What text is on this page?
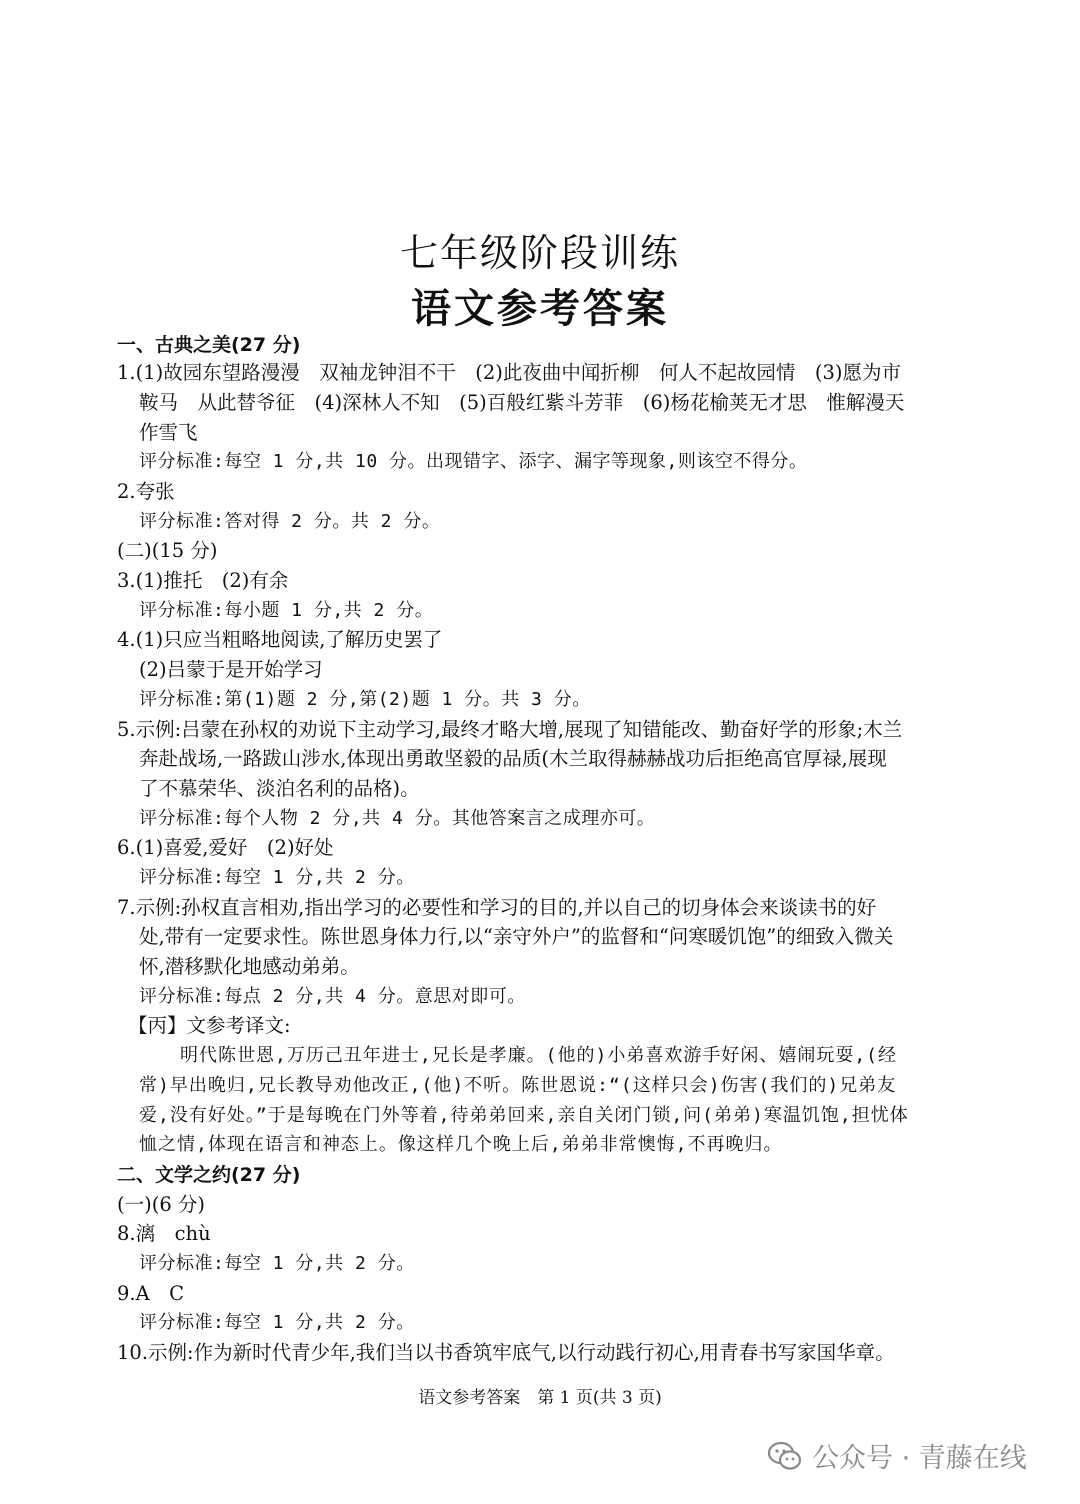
七年级阶段训练
语文参考答案
一、古典之美(27 分)
1.(1)故园东望路漫漫　双袖龙钟泪不干　(2)此夜曲中闻折柳　何人不起故园情　(3)愿为市
鞍马　从此替爷征　(4)深林人不知　(5)百般红紫斗芳菲　(6)杨花榆荚无才思　惟解漫天
作雪飞
评分标准:每空 1 分,共 10 分。出现错字、添字、漏字等现象,则该空不得分。
2.夸张
评分标准:答对得 2 分。共 2 分。
(二)(15 分)
3.(1)推托　(2)有余
评分标准:每小题 1 分,共 2 分。
4.(1)只应当粗略地阅读,了解历史罢了
(2)吕蒙于是开始学习
评分标准:第(1)题 2 分,第(2)题 1 分。共 3 分。
5.示例:吕蒙在孙权的劝说下主动学习,最终才略大增,展现了知错能改、勤奋好学的形象;木兰
奔赴战场,一路跋山涉水,体现出勇敢坚毅的品质(木兰取得赫赫战功后拒绝高官厚禄,展现
了不慕荣华、淡泊名利的品格)。
评分标准:每个人物 2 分,共 4 分。其他答案言之成理亦可。
6.(1)喜爱,爱好　(2)好处
评分标准:每空 1 分,共 2 分。
7.示例:孙权直言相劝,指出学习的必要性和学习的目的,并以自己的切身体会来谈读书的好
处,带有一定要求性。陈世恩身体力行,以“亲守外户”的监督和“问寒暖饥饱”的细致入微关
怀,潜移默化地感动弟弟。
评分标准:每点 2 分,共 4 分。意思对即可。
【丙】文参考译文:
明代陈世恩,万历己丑年进士,兄长是孝廉。(他的)小弟喜欢游手好闲、嬉闹玩耍,(经
常)早出晚归,兄长教导劝他改正,(他)不听。陈世恩说:“(这样只会)伤害(我们的)兄弟友
爱,没有好处。”于是每晚在门外等着,待弟弟回来,亲自关闭门锁,问(弟弟)寒温饥饱,担忧体
恤之情,体现在语言和神态上。像这样几个晚上后,弟弟非常懊悔,不再晚归。
二、文学之约(27 分)
(一)(6 分)
8.漓　chù
评分标准:每空 1 分,共 2 分。
9.A　C
评分标准:每空 1 分,共 2 分。
10.示例:作为新时代青少年,我们当以书香筑牢底气,以行动践行初心,用青春书写家国华章。
语文参考答案　第 1 页(共 3 页)
公众号 · 青藤在线
